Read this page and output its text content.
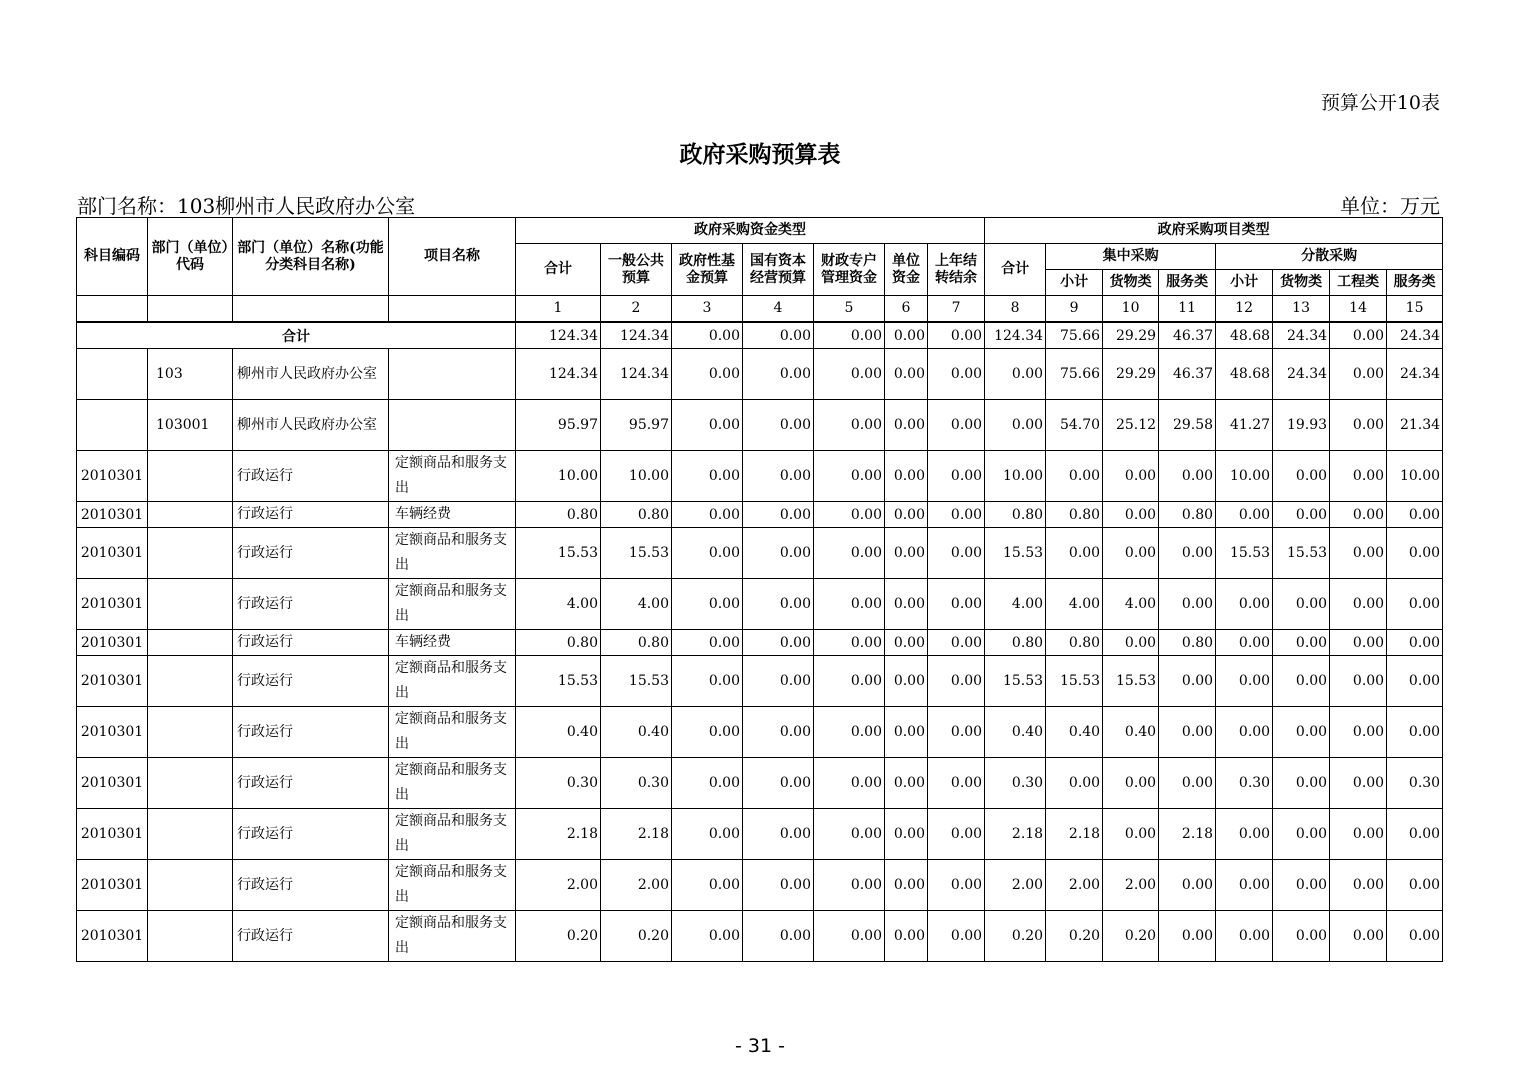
预算公开10表
政府采购预算表
部门名称：103柳州市人民政府办公室	单位：万元
科目编码	部门（单位）代码	部门（单位）名称(功能分类科目名称)	项目名称	政府采购资金类型							政府采购项目类型							
				合计	一般公共预算	政府性基金预算	国有资本经营预算	财政专户管理资金	单位资金	上年结转结余	合计	集中采购			分散采购			
												小计	货物类	服务类	小计	货物类	工程类	服务类
				1	2	3	4	5	6	7	8	9	10	11	12	13	14	15
合计				124.34	124.34	0.00	0.00	0.00	0.00	0.00	124.34	75.66	29.29	46.37	48.68	24.34	0.00	24.34
	103	柳州市人民政府办公室		124.34	124.34	0.00	0.00	0.00	0.00	0.00	0.00	75.66	29.29	46.37	48.68	24.34	0.00	24.34
	103001	柳州市人民政府办公室		95.97	95.97	0.00	0.00	0.00	0.00	0.00	0.00	54.70	25.12	29.58	41.27	19.93	0.00	21.34
2010301		行政运行	定额商品和服务支出	10.00	10.00	0.00	0.00	0.00	0.00	0.00	10.00	0.00	0.00	0.00	10.00	0.00	0.00	10.00
2010301		行政运行	车辆经费	0.80	0.80	0.00	0.00	0.00	0.00	0.00	0.80	0.80	0.00	0.80	0.00	0.00	0.00	0.00
2010301		行政运行	定额商品和服务支出	15.53	15.53	0.00	0.00	0.00	0.00	0.00	15.53	0.00	0.00	0.00	15.53	15.53	0.00	0.00
2010301		行政运行	定额商品和服务支出	4.00	4.00	0.00	0.00	0.00	0.00	0.00	4.00	4.00	4.00	0.00	0.00	0.00	0.00	0.00
2010301		行政运行	车辆经费	0.80	0.80	0.00	0.00	0.00	0.00	0.00	0.80	0.80	0.00	0.80	0.00	0.00	0.00	0.00
2010301		行政运行	定额商品和服务支出	15.53	15.53	0.00	0.00	0.00	0.00	0.00	15.53	15.53	15.53	0.00	0.00	0.00	0.00	0.00
2010301		行政运行	定额商品和服务支出	0.40	0.40	0.00	0.00	0.00	0.00	0.00	0.40	0.40	0.40	0.00	0.00	0.00	0.00	0.00
2010301		行政运行	定额商品和服务支出	0.30	0.30	0.00	0.00	0.00	0.00	0.00	0.30	0.00	0.00	0.00	0.30	0.00	0.00	0.30
2010301		行政运行	定额商品和服务支出	2.18	2.18	0.00	0.00	0.00	0.00	0.00	2.18	2.18	0.00	2.18	0.00	0.00	0.00	0.00
2010301		行政运行	定额商品和服务支出	2.00	2.00	0.00	0.00	0.00	0.00	0.00	2.00	2.00	2.00	0.00	0.00	0.00	0.00	0.00
2010301		行政运行	定额商品和服务支出	0.20	0.20	0.00	0.00	0.00	0.00	0.00	0.20	0.20	0.20	0.00	0.00	0.00	0.00	0.00
- 31 -
